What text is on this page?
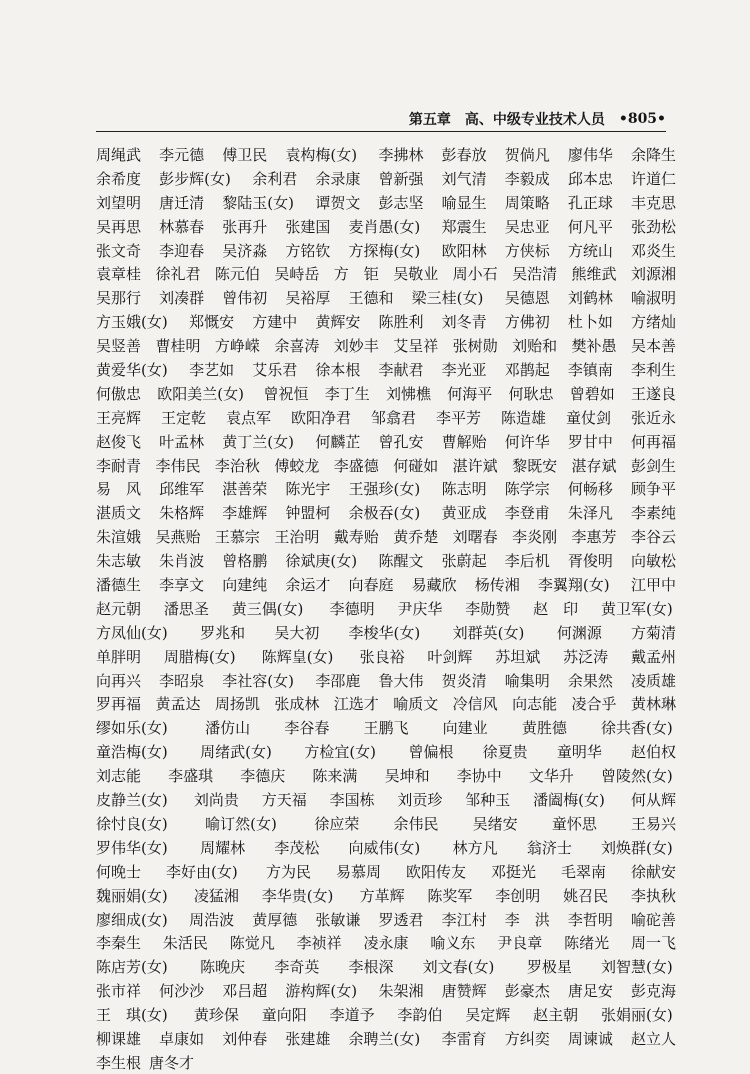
第五章 高、中级专业技术人员 •805•
周绳武 李元德 傅卫民 袁构梅(女) 李拂林 彭春放 贺倘凡 廖伟华 余降生
余希度 彭步辉(女) 余利君 余录康 曾新强 刘气清 李毅成 邱本忠 许道仁
刘望明 唐迁清 黎陆玉(女) 谭贺文 彭志坚 喻显生 周策略 孔正球 丰克思
吴再思 林慕春 张再升 张建国 麦肖愚(女) 郑震生 吴忠亚 何凡平 张劲松
张文奇 李迎春 吴济淼 方铭钦 方探梅(女) 欧阳林 方侠标 方统山 邓炎生
袁章桂 徐礼君 陈元伯 吴峙岳 方　钜 吴敬业 周小石 吴浩清 熊维武 刘源湘
吴那行 刘凑群 曾伟初 吴裕厚 王德和 梁三桂(女) 吴德恩 刘鹤林 喻淑明
方玉娥(女) 郑慨安 方建中 黄辉安 陈胜利 刘冬青 方佛初 杜卜如 方绪灿
吴竖善 曹桂明 方峥嵘 余喜涛 刘妙丰 艾呈祥 张树勋 刘贻和 樊补愚 吴本善
黄爱华(女) 李艺如 艾乐君 徐本根 李献君 李光亚 邓鹊起 李镇南 李利生
何傲忠 欧阳美兰(女) 曾祝恒 李丁生 刘怫樵 何海平 何耿忠 曾碧如 王遂良
王亮辉 王定乾 袁点军 欧阳净君 邹翕君 李平芳 陈造雄 童仗剑 张近永
赵俊飞 叶孟林 黄丁兰(女) 何麟芷 曾孔安 曹解贻 何许华 罗甘中 何再福
李耐青 李伟民 李治秋 傅蛟龙 李盛德 何碰如 湛许斌 黎既安 湛存斌 彭剑生
易　风 邱维军 湛善荣 陈光宇 王强珍(女) 陈志明 陈学宗 何畅移 顾争平
湛质文 朱格辉 李雄辉 钟盟柯 余极吞(女) 黄亚成 李登甫 朱泽凡 李素纯
朱渲娥 吴燕贻 王慕宗 王治明 戴寿贻 黄乔楚 刘曙春 李炎刚 李惠芳 李谷云
朱志敏 朱肖波 曾格鹏 徐斌庚(女) 陈醒文 张蔚起 李后机 胥俊明 向敏松
潘德生 李享文 向建纯 余运才 向春庭 易藏欣 杨传湘 李翼翔(女) 江甲中
赵元朝 潘思圣 黄三偶(女) 李德明 尹庆华 李勋赞 赵　印 黄卫军(女)
方凤仙(女) 罗兆和 吴大初 李梭华(女) 刘群英(女) 何渊源 方菊清
单胖明 周腊梅(女) 陈辉皇(女) 张良裕 叶剑辉 苏坦斌 苏泛涛 戴孟州
向再兴 李昭泉 李社容(女) 李邵鹿 鲁大伟 贺炎清 喻集明 余果然 凌质雄
罗再福 黄孟达 周扬凯 张成林 江选才 喻质文 冷信风 向志能 凌合乎 黄林琳
缪如乐(女) 潘仿山 李谷春 王鹏飞 向建业 黄胜德 徐共香(女)
童浩梅(女) 周绪武(女) 方检宜(女) 曾偏根 徐夏贵 童明华 赵伯权
刘志能 李盛琪 李德庆 陈来满 吴坤和 李协中 文华升 曾陵然(女)
皮静兰(女) 刘尚贵 方天福 李国栋 刘贡珍 邹种玉 潘阖梅(女) 何从辉
徐忖良(女) 喻订然(女) 徐应荣 余伟民 吴绪安 童怀思 王易兴
罗伟华(女) 周耀林 李茂松 向威伟(女) 林方凡 翁济士 刘焕群(女)
何晚士 李好由(女) 方为民 易慕周 欧阳传友 邓挺光 毛翠南 徐献安
魏丽娟(女) 凌猛湘 李华贵(女) 方革辉 陈奖军 李创明 姚召民 李执秋
廖细成(女) 周浩波 黄厚德 张敏谦 罗透君 李江村 李　洪 李哲明 喻砣善
李秦生 朱活民 陈觉凡 李祯祥 凌永康 喻义东 尹良章 陈绪光 周一飞
陈店芳(女) 陈晚庆 李奇英 李根深 刘文春(女) 罗极星 刘智慧(女)
张市祥 何沙沙 邓吕超 游构辉(女) 朱架湘 唐赞辉 彭豪杰 唐足安 彭克海
王　琪(女) 黄珍保 童向阳 李道予 李韵伯 吴定辉 赵主朝 张娟丽(女)
柳课雄 卓康如 刘仲春 张建雄 余聘兰(女) 李雷育 方纠奕 周谏诚 赵立人
李生根 唐冬才
